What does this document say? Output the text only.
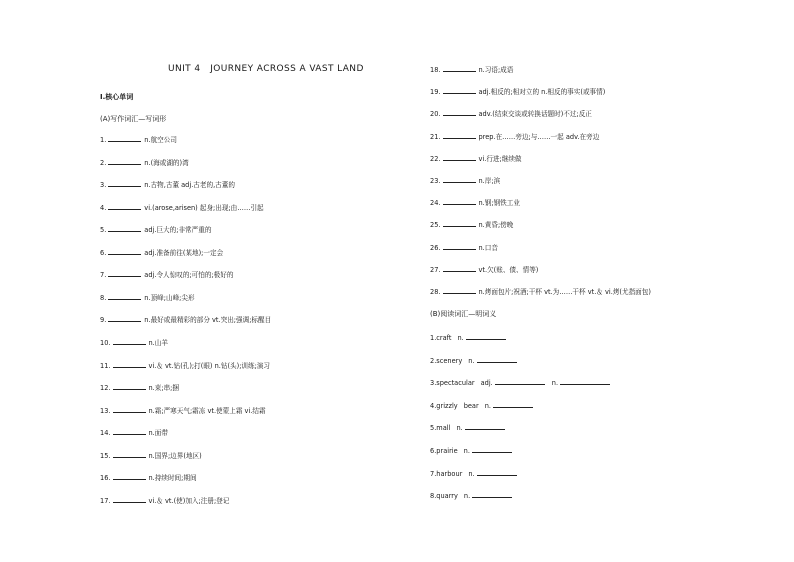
UNIT 4   JOURNEY ACROSS A VAST LAND
Ⅰ.核心单词
(A)写作词汇—写词形
1.	n.航空公司
2.	n.(海或湖的)湾
3.	n.古物,古董 adj.古老的,古董的
4.	vi.(arose,arisen) 起身;出现;由……引起
5.	adj.巨大的;非常严重的
6.	adj.准备前往(某地);一定会
7.	adj.令人惊叹的;可怕的;极好的
8.	n.顶峰;山峰;尖形
9.	n.最好或最精彩的部分 vt.突出;强调;标醒目
10.	n.山羊
11.	vi.＆ vt.钻(孔);打(眼) n.钻(头);训练;演习
12.	n.束;串;捆
13.	n.霜;严寒天气;霜冻 vt.使蒙上霜 vi.结霜
14.	n.面带
15.	n.国界;边界(地区)
16.	n.持续时间;期间
17.	vi.＆ vt.(使)加入;注册;登记
18.	n.习语;成语
19.	adj.相反的;相对立的 n.相反的事实(或事情)
20.	adv.(结束交谈或转换话题时)不过;反正
21.	prep.在……旁边;与……一起 adv.在旁边
22.	vi.行进;继续做
23.	n.岸;滨
24.	n.钢;钢铁工业
25.	n.黄昏;傍晚
26.	n.口音
27.	vt.欠(账、债、情等)
28.	n.烤面包片;祝酒;干杯 vt.为……干杯 vt.＆ vi.烤(尤指面包)
(B)阅读词汇—明词义
1.craft n.
2.scenery n.
3.spectacular adj.	n.
4.grizzly bear n.
5.mall n.
6.prairie n.
7.harbour n.
8.quarry n.
